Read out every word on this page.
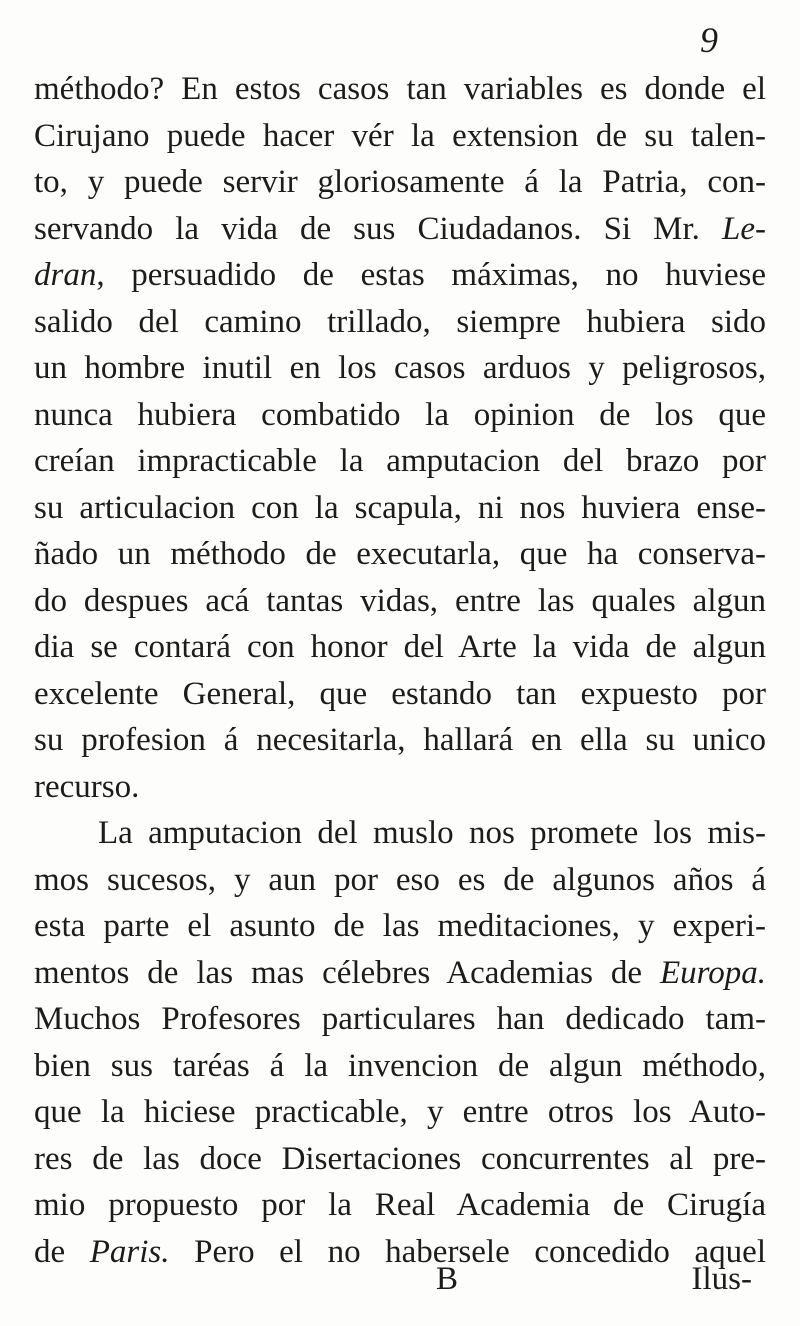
9
méthodo? En estos casos tan variables es donde el
Cirujano puede hacer vér la extension de su talen-
to, y puede servir gloriosamente á la Patria, con-
servando la vida de sus Ciudadanos. Si Mr. Le-
dran, persuadido de estas máximas, no huviese
salido del camino trillado, siempre hubiera sido
un hombre inutil en los casos arduos y peligrosos,
nunca hubiera combatido la opinion de los que
creían impracticable la amputacion del brazo por
su articulacion con la scapula, ni nos huviera ense-
ñado un méthodo de executarla, que ha conserva-
do despues acá tantas vidas, entre las quales algun
dia se contará con honor del Arte la vida de algun
excelente General, que estando tan expuesto por
su profesion á necesitarla, hallará en ella su unico
recurso.
La amputacion del muslo nos promete los mis-
mos sucesos, y aun por eso es de algunos años á
esta parte el asunto de las meditaciones, y experi-
mentos de las mas célebres Academias de Europa.
Muchos Profesores particulares han dedicado tam-
bien sus taréas á la invencion de algun méthodo,
que la hiciese practicable, y entre otros los Auto-
res de las doce Disertaciones concurrentes al pre-
mio propuesto por la Real Academia de Cirugía
de Paris. Pero el no habersele concedido aquel
B	Ilus-
